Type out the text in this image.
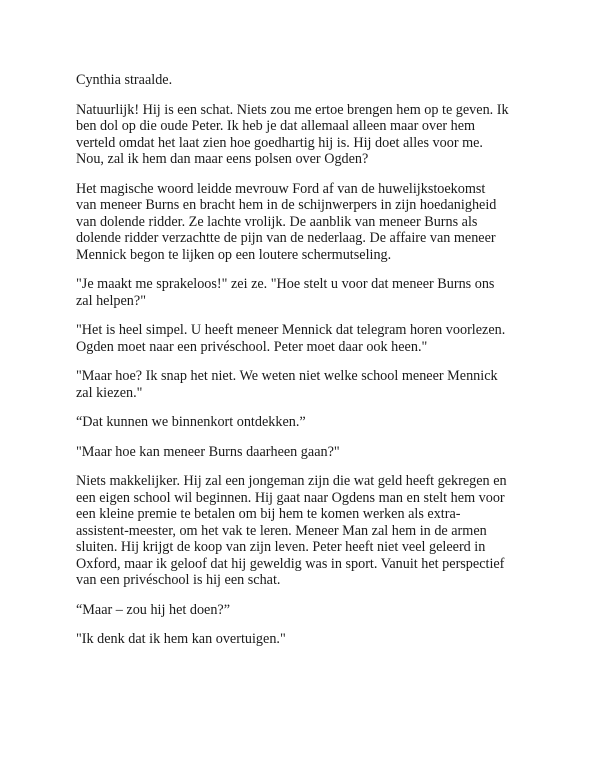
Cynthia straalde.

Natuurlijk! Hij is een schat. Niets zou me ertoe brengen hem op te geven. Ik
ben dol op die oude Peter. Ik heb je dat allemaal alleen maar over hem
verteld omdat het laat zien hoe goedhartig hij is. Hij doet alles voor me.
Nou, zal ik hem dan maar eens polsen over Ogden?

Het magische woord leidde mevrouw Ford af van de huwelijkstoekomst
van meneer Burns en bracht hem in de schijnwerpers in zijn hoedanigheid
van dolende ridder. Ze lachte vrolijk. De aanblik van meneer Burns als
dolende ridder verzachtte de pijn van de nederlaag. De affaire van meneer
Mennick begon te lijken op een loutere schermutseling.

"Je maakt me sprakeloos!" zei ze. "Hoe stelt u voor dat meneer Burns ons
zal helpen?"

"Het is heel simpel. U heeft meneer Mennick dat telegram horen voorlezen.
Ogden moet naar een privéschool. Peter moet daar ook heen."

"Maar hoe? Ik snap het niet. We weten niet welke school meneer Mennick
zal kiezen."

“Dat kunnen we binnenkort ontdekken.”

"Maar hoe kan meneer Burns daarheen gaan?"

Niets makkelijker. Hij zal een jongeman zijn die wat geld heeft gekregen en
een eigen school wil beginnen. Hij gaat naar Ogdens man en stelt hem voor
een kleine premie te betalen om bij hem te komen werken als extra-
assistent-meester, om het vak te leren. Meneer Man zal hem in de armen
sluiten. Hij krijgt de koop van zijn leven. Peter heeft niet veel geleerd in
Oxford, maar ik geloof dat hij geweldig was in sport. Vanuit het perspectief
van een privéschool is hij een schat.

“Maar – zou hij het doen?”

"Ik denk dat ik hem kan overtuigen."
